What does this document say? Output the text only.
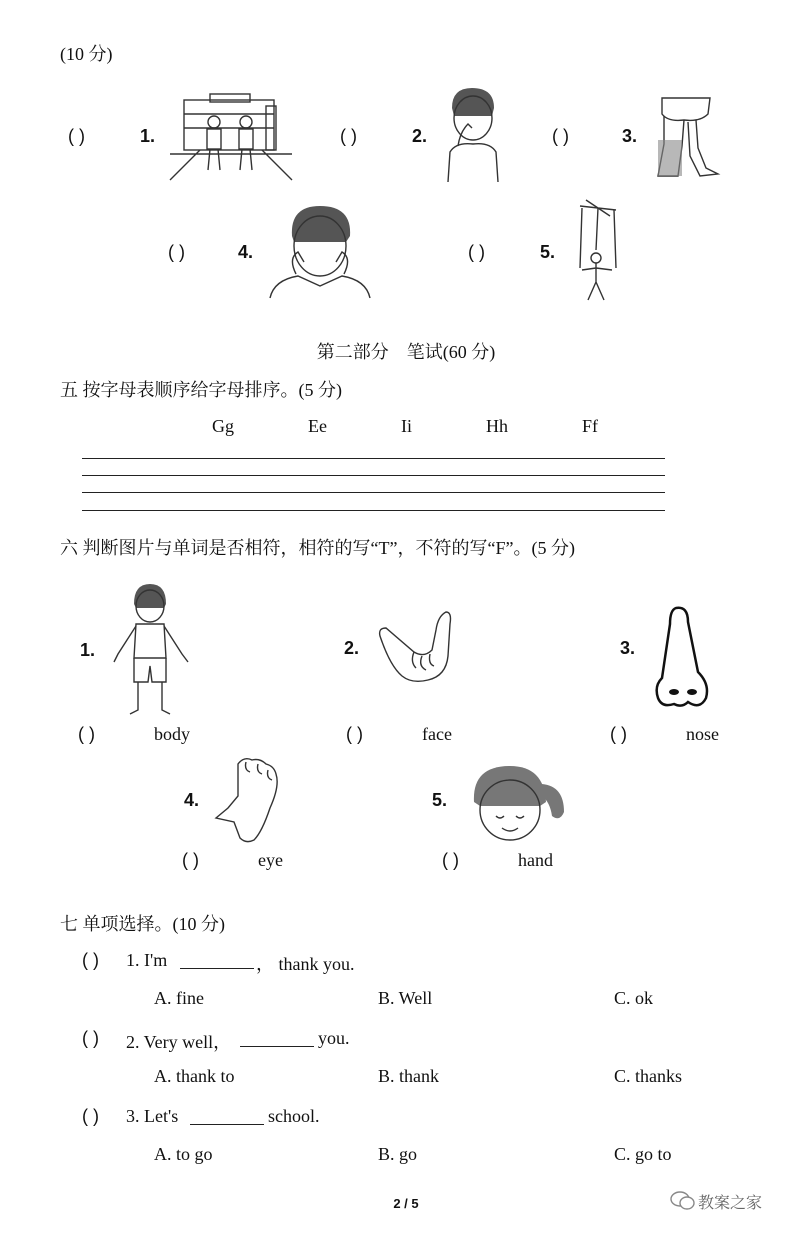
(10 分)
( )	1.	( )	2.	( )	3.
( )	4.	( )	5.
第二部分　笔试(60 分)
五 按字母表顺序给字母排序。(5 分)
Gg	Ee	Ii	Hh	Ff
六 判断图片与单词是否相符，相符的写“T”，不符的写“F”。(5 分)
1.
( )	body
2.
( )	face
3.
( )	nose
4.
( )	eye
5.
( )	hand
七 单项选择。(10 分)
( ) 1. I'm	， thank you.
A. fine	B. Well	C. ok
( ) 2. Very well，	you.
A. thank to	B. thank	C. thanks
( ) 3. Let's	school.
A. to go	B. go	C. go to
2 / 5	教案之家
